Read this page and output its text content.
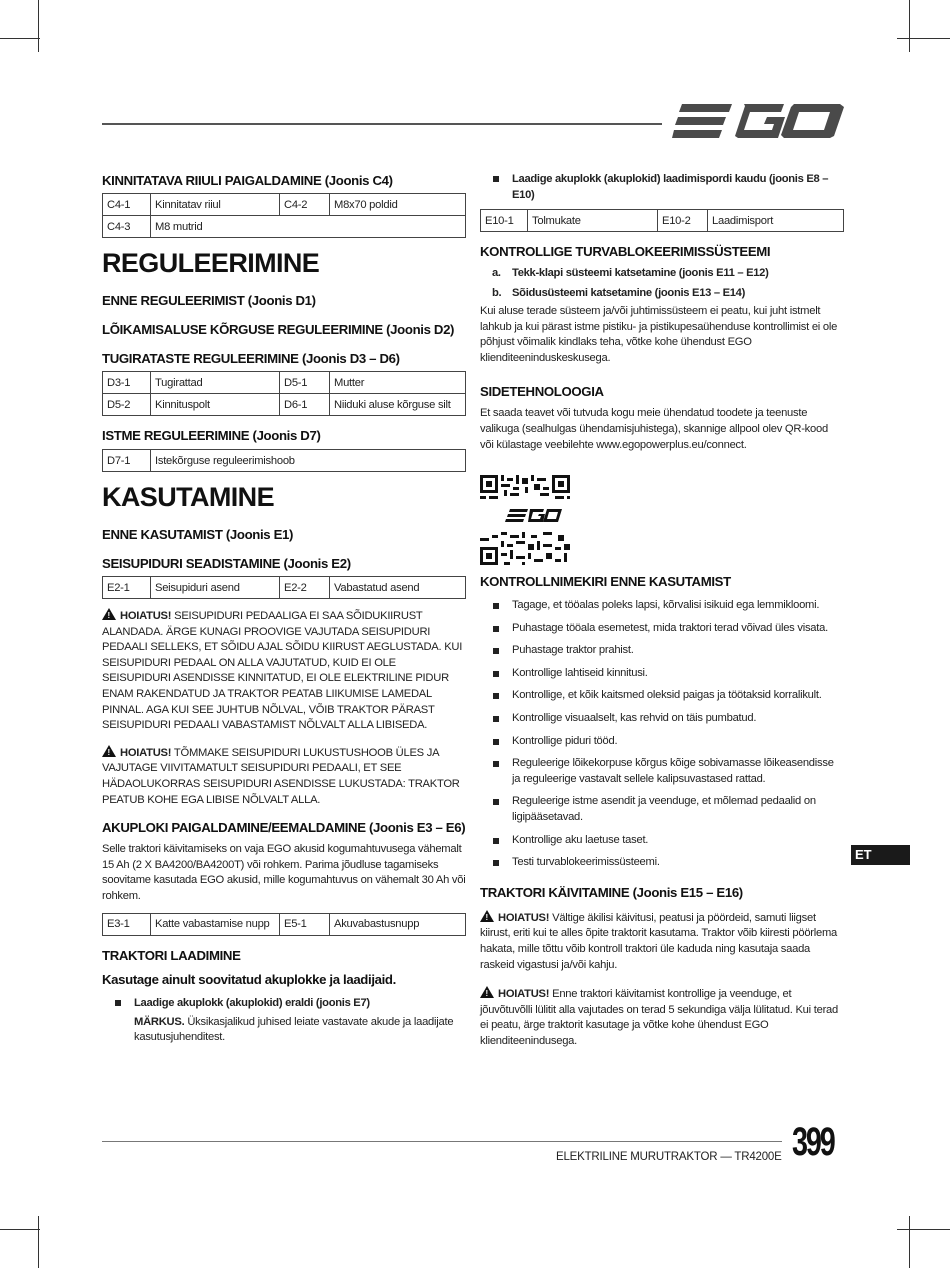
KINNITATAVA RIIULI PAIGALDAMINE (Joonis C4)
C4-1	Kinnitatav riiul	C4-2	M8x70 poldid
C4-3	M8 mutrid		
REGULEERIMINE
ENNE REGULEERIMIST (Joonis D1)
LÕIKAMISALUSE KÕRGUSE REGULEERIMINE (Joonis D2)
TUGIRATASTE REGULEERIMINE (Joonis D3 – D6)
D3-1	Tugirattad	D5-1	Mutter
D5-2	Kinnituspolt	D6-1	Niiduki aluse kõrguse silt
ISTME REGULEERIMINE (Joonis D7)
D7-1	Istekõrguse reguleerimishoob
KASUTAMINE
ENNE KASUTAMIST (Joonis E1)
SEISUPIDURI SEADISTAMINE (Joonis E2)
E2-1	Seisupiduri asend	E2-2	Vabastatud asend

! HOIATUS! SEISUPIDURI PEDAALIGA EI SAA SÕIDUKIIRUST ALANDADA. ÄRGE KUNAGI PROOVIGE VAJUTADA SEISUPIDURI PEDAALI SELLEKS, ET SÕIDU AJAL SÕIDU KIIRUST AEGLUSTADA. KUI SEISUPIDURI PEDAAL ON ALLA VAJUTATUD, KUID EI OLE SEISUPIDURI ASENDISSE KINNITATUD, EI OLE ELEKTRILINE PIDUR ENAM RAKENDATUD JA TRAKTOR PEATAB LIIKUMISE LAMEDAL PINNAL. AGA KUI SEE JUHTUB NÕLVAL, VÕIB TRAKTOR PÄRAST SEISUPIDURI PEDAALI VABASTAMIST NÕLVALT ALLA LIBISEDA.

! HOIATUS! TÕMMAKE SEISUPIDURI LUKUSTUSHOOB ÜLES JA VAJUTAGE VIIVITAMATULT SEISUPIDURI PEDAALI, ET SEE HÄDAOLUKORRAS SEISUPIDURI ASENDISSE LUKUSTADA: TRAKTOR PEATUB KOHE EGA LIBISE NÕLVALT ALLA.

AKUPLOKI PAIGALDAMINE/EEMALDAMINE (Joonis E3 – E6)

Selle traktori käivitamiseks on vaja EGO akusid kogumahtuvusega vähemalt 15 Ah (2 X BA4200/BA4200T) või rohkem. Parima jõudluse tagamiseks soovitame kasutada EGO akusid, mille kogumahtuvus on vähemalt 30 Ah või rohkem.

E3-1	Katte vabastamise nupp	E5-1	Akuvabastusnupp
TRAKTORI LAADIMINE
Kasutage ainult soovitatud akuplokke ja laadijaid.
Laadige akuplokk (akuplokid) eraldi (joonis E7)

MÄRKUS. Üksikasjalikud juhised leiate vastavate akude ja laadijate kasutusjuhenditest.

Laadige akuplokk (akuplokid) laadimispordi kaudu (joonis E8 – E10)
E10-1	Tolmukate	E10-2	Laadimisport
KONTROLLIGE TURVABLOKEERIMISSÜSTEEMI
a. Tekk-klapi süsteemi katsetamine (joonis E11 – E12)
b. Sõidusüsteemi katsetamine (joonis E13 – E14)

Kui aluse terade süsteem ja/või juhtimissüsteem ei peatu, kui juht istmelt lahkub ja kui pärast istme pistiku- ja pistikupesaühenduse kontrollimist ei ole põhjust võimalik kindlaks teha, võtke kohe ühendust EGO klienditeeninduskeskusega.

SIDETEHNOLOOGIA

Et saada teavet või tutvuda kogu meie ühendatud toodete ja teenuste valikuga (sealhulgas ühendamisjuhistega), skannige allpool olev QR-kood või külastage veebilehte www.egopowerplus.eu/connect.

KONTROLLNIMEKIRI ENNE KASUTAMIST
Tagage, et tööalas poleks lapsi, kõrvalisi isikuid ega lemmikloomi.
Puhastage tööala esemetest, mida traktori terad võivad üles visata.
Puhastage traktor prahist.
Kontrollige lahtiseid kinnitusi.
Kontrollige, et kõik kaitsmed oleksid paigas ja töötaksid korralikult.
Kontrollige visuaalselt, kas rehvid on täis pumbatud.
Kontrollige piduri tööd.
Reguleerige lõikekorpuse kõrgus kõige sobivamasse lõikeasendisse ja reguleerige vastavalt sellele kalipsuvastased rattad.
Reguleerige istme asendit ja veenduge, et mõlemad pedaalid on ligipääsetavad.
Kontrollige aku laetuse taset.
Testi turvablokeerimissüsteemi.
TRAKTORI KÄIVITAMINE (Joonis E15 – E16)

! HOIATUS! Vältige äkilisi käivitusi, peatusi ja pöördeid, samuti liigset kiirust, eriti kui te alles õpite traktorit kasutama. Traktor võib kiiresti pöörlema hakata, mille tõttu võib kontroll traktori üle kaduda ning kasutaja saada raskeid vigastusi ja/või kahju.

! HOIATUS! Enne traktori käivitamist kontrollige ja veenduge, et jõuvõtuvõlli lülitit alla vajutades on terad 5 sekundiga välja lülitatud. Kui terad ei peatu, ärge traktorit kasutage ja võtke kohe ühendust EGO klienditeenindusega.

ET
ELEKTRILINE MURUTRAKTOR — TR4200E 399
